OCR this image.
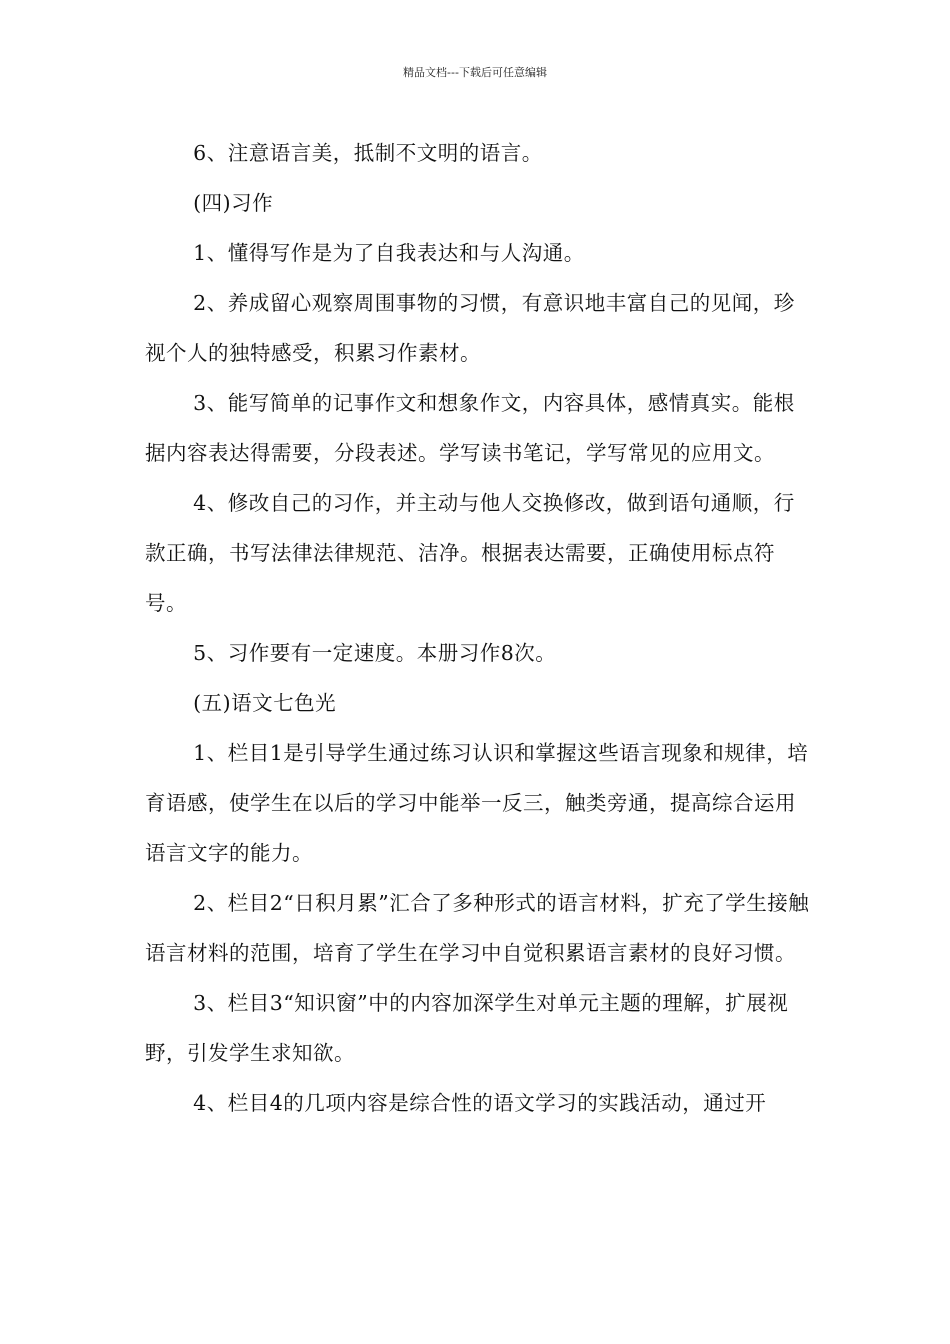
精品文档---下载后可任意编辑

6、注意语言美，抵制不文明的语言。

(四)习作

1、懂得写作是为了自我表达和与人沟通。

2、养成留心观察周围事物的习惯，有意识地丰富自己的见闻，珍视个人的独特感受，积累习作素材。

3、能写简单的记事作文和想象作文，内容具体，感情真实。能根据内容表达得需要，分段表述。学写读书笔记，学写常见的应用文。

4、修改自己的习作，并主动与他人交换修改，做到语句通顺，行款正确，书写法律法律规范、洁净。根据表达需要，正确使用标点符号。

5、习作要有一定速度。本册习作8次。

(五)语文七色光

1、栏目1是引导学生通过练习认识和掌握这些语言现象和规律，培育语感，使学生在以后的学习中能举一反三，触类旁通，提高综合运用语言文字的能力。

2、栏目2“日积月累”汇合了多种形式的语言材料，扩充了学生接触语言材料的范围，培育了学生在学习中自觉积累语言素材的良好习惯。

3、栏目3“知识窗”中的内容加深学生对单元主题的理解，扩展视野，引发学生求知欲。

4、栏目4的几项内容是综合性的语文学习的实践活动，通过开
